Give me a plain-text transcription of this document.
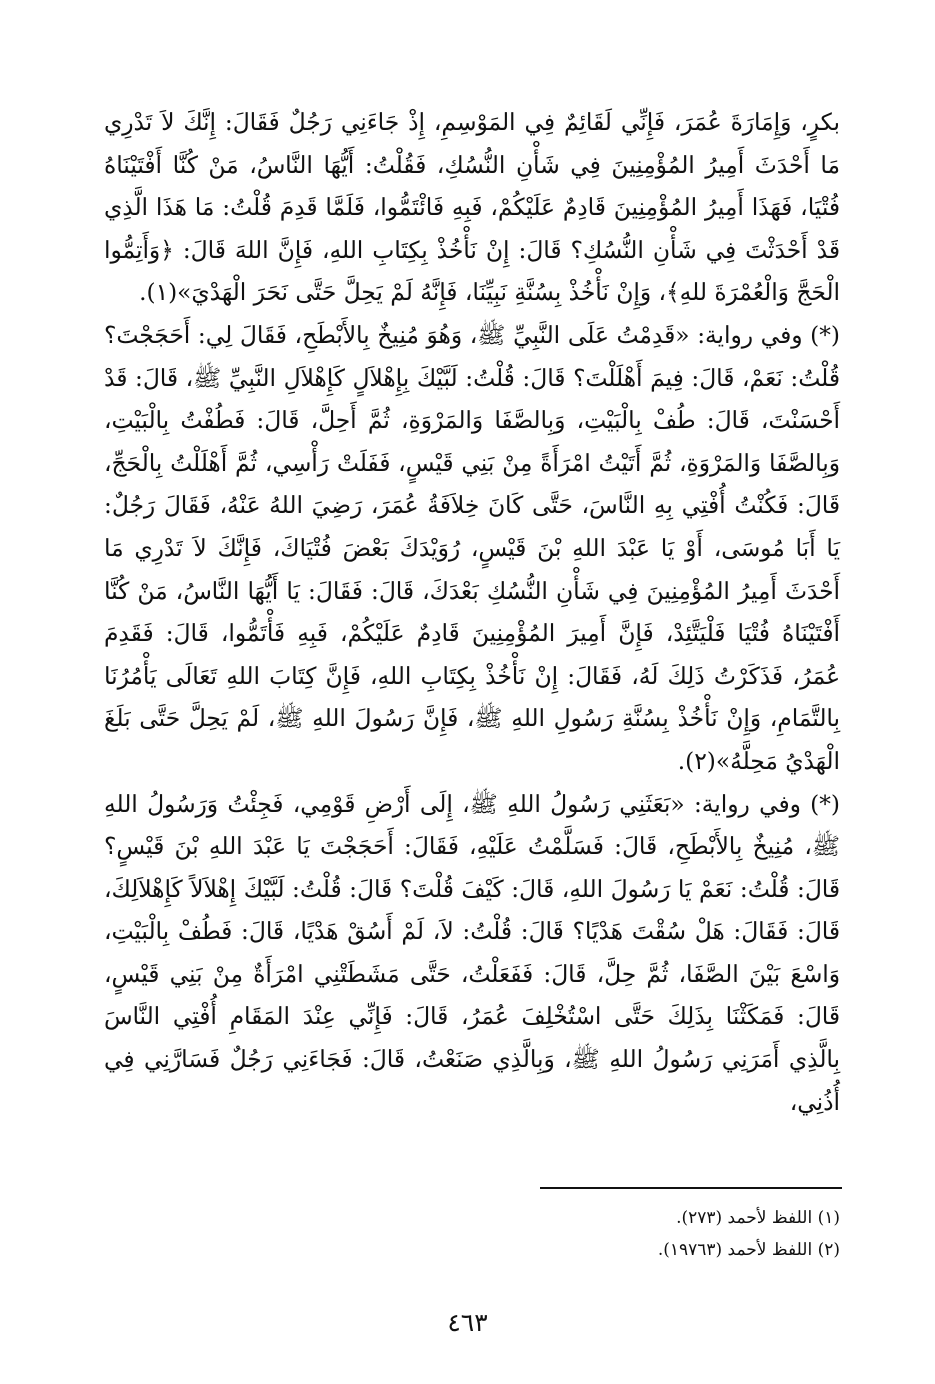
بكرٍ، وَإِمَارَةَ عُمَرَ، فَإِنِّي لَقَائِمٌ فِي المَوْسِمِ، إِذْ جَاءَنِي رَجُلٌ فَقَالَ: إِنَّكَ لاَ تَدْرِي مَا أَحْدَثَ أَمِيرُ المُؤْمِنِينَ فِي شَأْنِ النُّسُكِ، فَقُلْتُ: أَيُّهَا النَّاسُ، مَنْ كُنَّا أَفْتَيْنَاهُ فُتْيَا، فَهَذَا أَمِيرُ المُؤْمِنِينَ قَادِمٌ عَلَيْكُمْ، فَبِهِ فَائْتَمُّوا، فَلَمَّا قَدِمَ قُلْتُ: مَا هَذَا الَّذِي قَدْ أَحْدَثْتَ فِي شَأْنِ النُّسُكِ؟ قَالَ: إِنْ نَأْخُذْ بِكِتَابِ اللهِ، فَإِنَّ اللهَ قَالَ: ﴿وَأَتِمُّوا الْحَجَّ وَالْعُمْرَةَ للهِ﴾، وَإِنْ نَأْخُذْ بِسُنَّةِ نَبِيِّنَا، فَإِنَّهُ لَمْ يَحِلَّ حَتَّى نَحَرَ الْهَدْيَ»(١).

(*) وفي رواية: «قَدِمْتُ عَلَى النَّبِيِّ ﷺ، وَهُوَ مُنِيخٌ بِالأَبْطَحِ، فَقَالَ لِي: أَحَجَجْتَ؟ قُلْتُ: نَعَمْ، قَالَ: فِيمَ أَهْلَلْتَ؟ قَالَ: قُلْتُ: لَبَّيْكَ بِإِهْلاَلٍ كَإِهْلاَلِ النَّبِيِّ ﷺ، قَالَ: قَدْ أَحْسَنْتَ، قَالَ: طُفْ بِالْبَيْتِ، وَبِالصَّفَا وَالمَرْوَةِ، ثُمَّ أَحِلَّ، قَالَ: فَطُفْتُ بِالْبَيْتِ، وَبِالصَّفَا وَالمَرْوَةِ، ثُمَّ أَتَيْتُ امْرَأَةً مِنْ بَنِي قَيْسٍ، فَفَلَتْ رَأْسِي، ثُمَّ أَهْلَلْتُ بِالْحَجِّ، قَالَ: فَكُنْتُ أُفْتِي بِهِ النَّاسَ، حَتَّى كَانَ خِلاَفَةُ عُمَرَ، رَضِيَ اللهُ عَنْهُ، فَقَالَ رَجُلٌ: يَا أَبَا مُوسَى، أَوْ يَا عَبْدَ اللهِ بْنَ قَيْسٍ، رُوَيْدَكَ بَعْضَ فُتْيَاكَ، فَإِنَّكَ لاَ تَدْرِي مَا أَحْدَثَ أَمِيرُ المُؤْمِنِينَ فِي شَأْنِ النُّسُكِ بَعْدَكَ، قَالَ: فَقَالَ: يَا أَيُّهَا النَّاسُ، مَنْ كُنَّا أَفْتَيْنَاهُ فُتْيَا فَلْيَتَّئِدْ، فَإِنَّ أَمِيرَ المُؤْمِنِينَ قَادِمٌ عَلَيْكُمْ، فَبِهِ فَأْتَمُّوا، قَالَ: فَقَدِمَ عُمَرُ، فَذَكَرْتُ ذَلِكَ لَهُ، فَقَالَ: إِنْ نَأْخُذْ بِكِتَابِ اللهِ، فَإِنَّ كِتَابَ اللهِ تَعَالَى يَأْمُرُنَا بِالتَّمَامِ، وَإِنْ نَأْخُذْ بِسُنَّةِ رَسُولِ اللهِ ﷺ، فَإِنَّ رَسُولَ اللهِ ﷺ، لَمْ يَحِلَّ حَتَّى بَلَغَ الْهَدْيُ مَحِلَّهُ»(٢).

(*) وفي رواية: «بَعَثَنِي رَسُولُ اللهِ ﷺ، إِلَى أَرْضِ قَوْمِي، فَجِئْتُ وَرَسُولُ اللهِ ﷺ، مُنِيخٌ بِالأَبْطَحِ، قَالَ: فَسَلَّمْتُ عَلَيْهِ، فَقَالَ: أَحَجَجْتَ يَا عَبْدَ اللهِ بْنَ قَيْسٍ؟ قَالَ: قُلْتُ: نَعَمْ يَا رَسُولَ اللهِ، قَالَ: كَيْفَ قُلْتَ؟ قَالَ: قُلْتُ: لَبَّيْكَ إِهْلاَلاً كَإِهْلاَلِكَ، قَالَ: فَقَالَ: هَلْ سُقْتَ هَدْيًا؟ قَالَ: قُلْتُ: لاَ، لَمْ أَسُقْ هَدْيًا، قَالَ: فَطُفْ بِالْبَيْتِ، وَاسْعَ بَيْنَ الصَّفَا، ثُمَّ حِلَّ، قَالَ: فَفَعَلْتُ، حَتَّى مَشَطَتْنِي امْرَأَةٌ مِنْ بَنِي قَيْسٍ، قَالَ: فَمَكَثْنَا بِذَلِكَ حَتَّى اسْتُخْلِفَ عُمَرُ، قَالَ: فَإِنِّي عِنْدَ المَقَامِ أُفْتِي النَّاسَ بِالَّذِي أَمَرَنِي رَسُولُ اللهِ ﷺ، وَبِالَّذِي صَنَعْتُ، قَالَ: فَجَاءَنِي رَجُلٌ فَسَارَّنِي فِي أُذُنِي،

(١) اللفظ لأحمد (٢٧٣).

(٢) اللفظ لأحمد (١٩٧٦٣).

٤٦٣
